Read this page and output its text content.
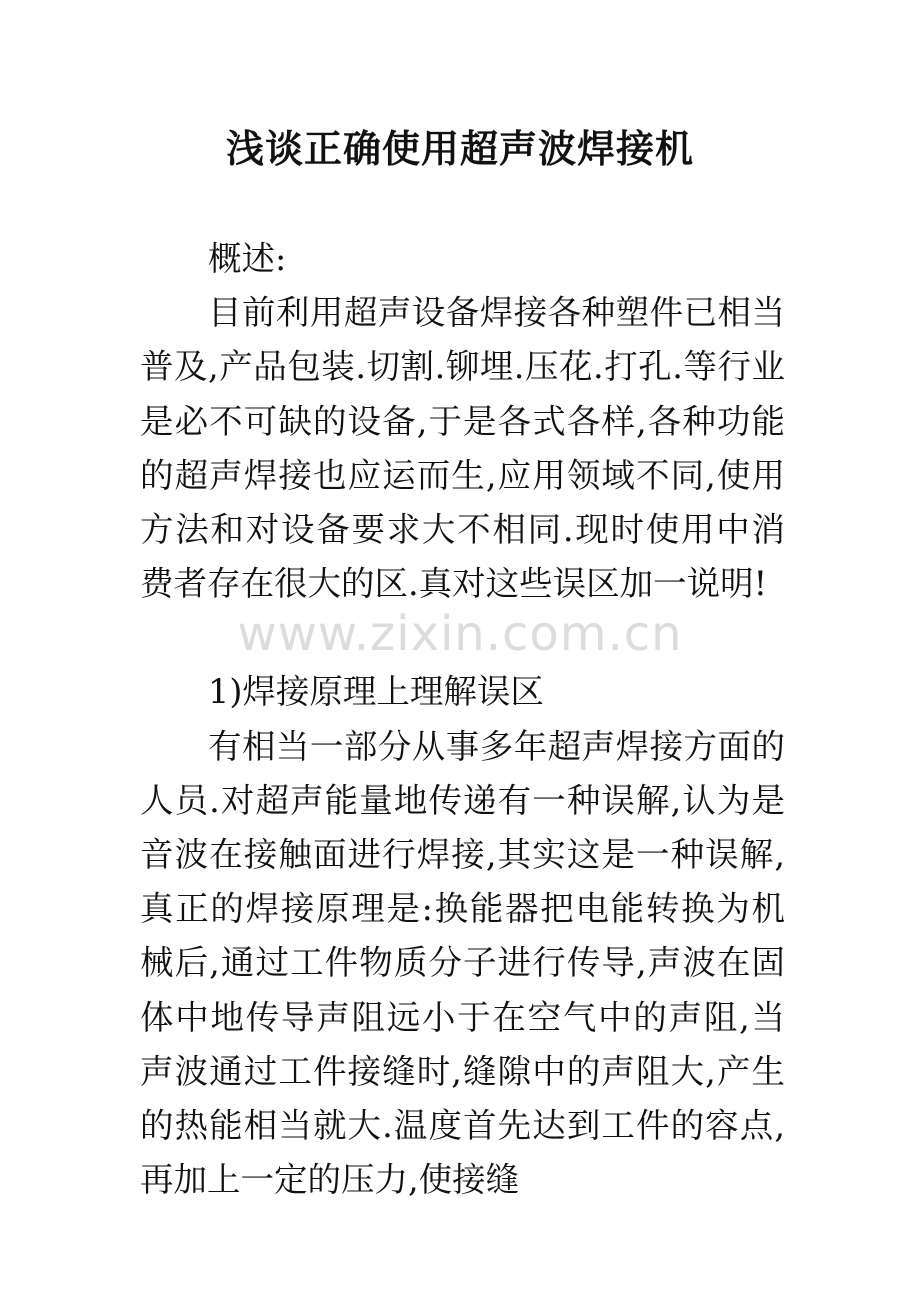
浅谈正确使用超声波焊接机

概述:

目前利用超声设备焊接各种塑件已相当普及,产品包装.切割.铆埋.压花.打孔.等行业是必不可缺的设备,于是各式各样,各种功能的超声焊接也应运而生,应用领域不同,使用方法和对设备要求大不相同.现时使用中消费者存在很大的区.真对这些误区加一说明!

1)焊接原理上理解误区

有相当一部分从事多年超声焊接方面的人员.对超声能量地传递有一种误解,认为是音波在接触面进行焊接,其实这是一种误解,真正的焊接原理是:换能器把电能转换为机械后,通过工件物质分子进行传导,声波在固体中地传导声阻远小于在空气中的声阻,当声波通过工件接缝时,缝隙中的声阻大,产生的热能相当就大.温度首先达到工件的容点,再加上一定的压力,使接缝

www.zixin.com.cn
